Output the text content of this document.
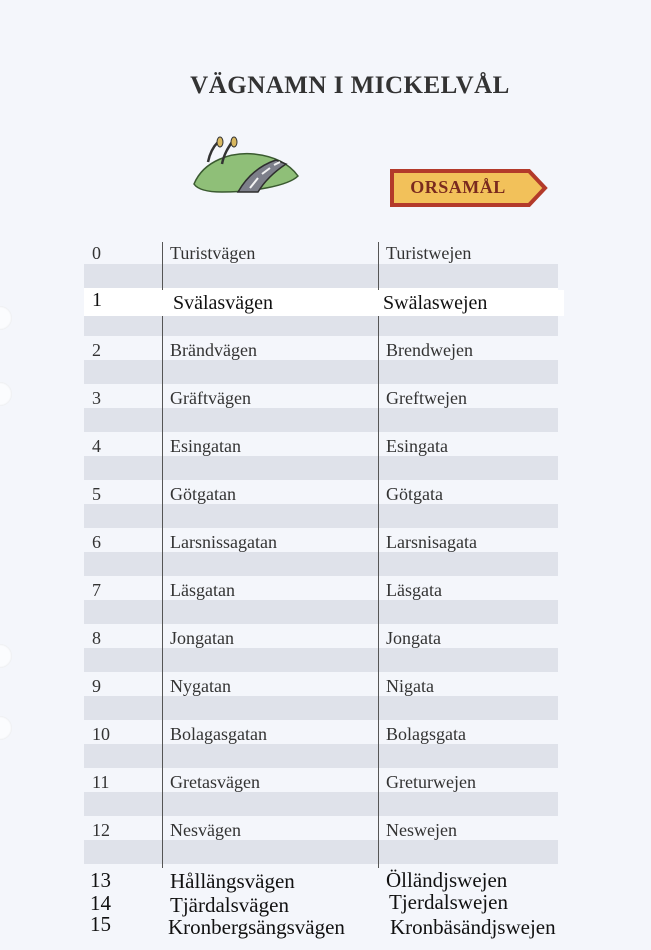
VÄGNAMN I MICKELVÅL
ORSAMÅL
0	Turistvägen	Turistwejen
1	Svälasvägen	Swälaswejen
2	Brändvägen	Brendwejen
3	Gräftvägen	Greftwejen
4	Esingatan	Esingata
5	Götgatan	Götgata
6	Larsnissagatan	Larsnisagata
7	Läsgatan	Läsgata
8	Jongatan	Jongata
9	Nygatan	Nigata
10	Bolagasgatan	Bolagsgata
11	Gretasvägen	Greturwejen
12	Nesvägen	Neswejen
13	Hållängsvägen	Ölländjswejen
14	Tjärdalsvägen	Tjerdalswejen
15	Kronbergsängsvägen Kronbäsändjswejen
